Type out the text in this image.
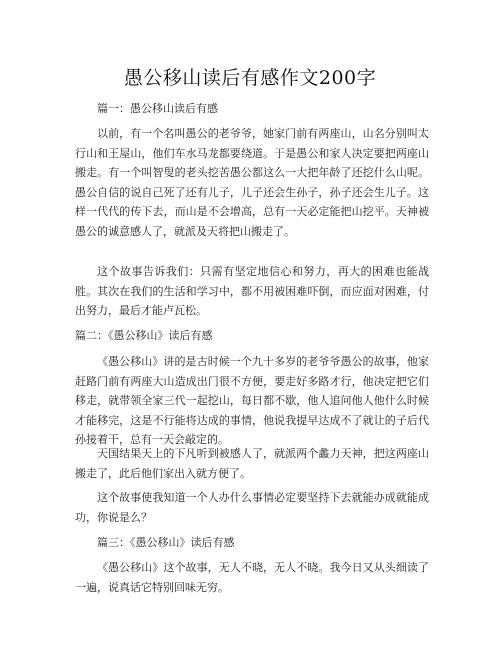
愚公移山读后有感作文200字
篇一：愚公移山读后有感

以前，有一个名叫愚公的老爷爷，她家门前有两座山，山名分别叫太行山和王屋山，他们车水马龙都要绕道。于是愚公和家人决定要把两座山搬走。有一个叫智叟的老头挖苦愚公都这么一大把年龄了还挖什么山呢。愚公自信的说自己死了还有儿子，儿子还会生孙子，孙子还会生儿子。这样一代代的传下去，而山是不会增高，总有一天必定能把山挖平。天神被愚公的诚意感人了，就派及天将把山搬走了。

这个故事告诉我们：只需有坚定地信心和努力，再大的困难也能战胜。其次在我们的生活和学习中，都不用被困难吓倒，而应面对困难，付出努力，最后才能卢瓦松。

篇二：《愚公移山》读后有感

《愚公移山》讲的是古时候一个九十多岁的老爷爷愚公的故事，他家赶路门前有两座大山造成出门很不方便，要走好多路才行，他决定把它们移走，就带领全家三代一起挖山，每日都不歇，他人追问他人他什么时候才能移完，这是不行能将达成的事情，他说我提早达成不了就让的子后代孙接着干，总有一天会敲定的。

天国结果天上的下凡听到被感人了，就派两个蠡力天神，把这两座山搬走了，此后他们家出入就方便了。

这个故事使我知道一个人办什么事情必定要坚持下去就能办成就能成功，你说是么？

篇三：《愚公移山》读后有感

《愚公移山》这个故事，无人不晓，无人不晓。我今日又从头细读了一遍，说真话它特别回味无穷。
